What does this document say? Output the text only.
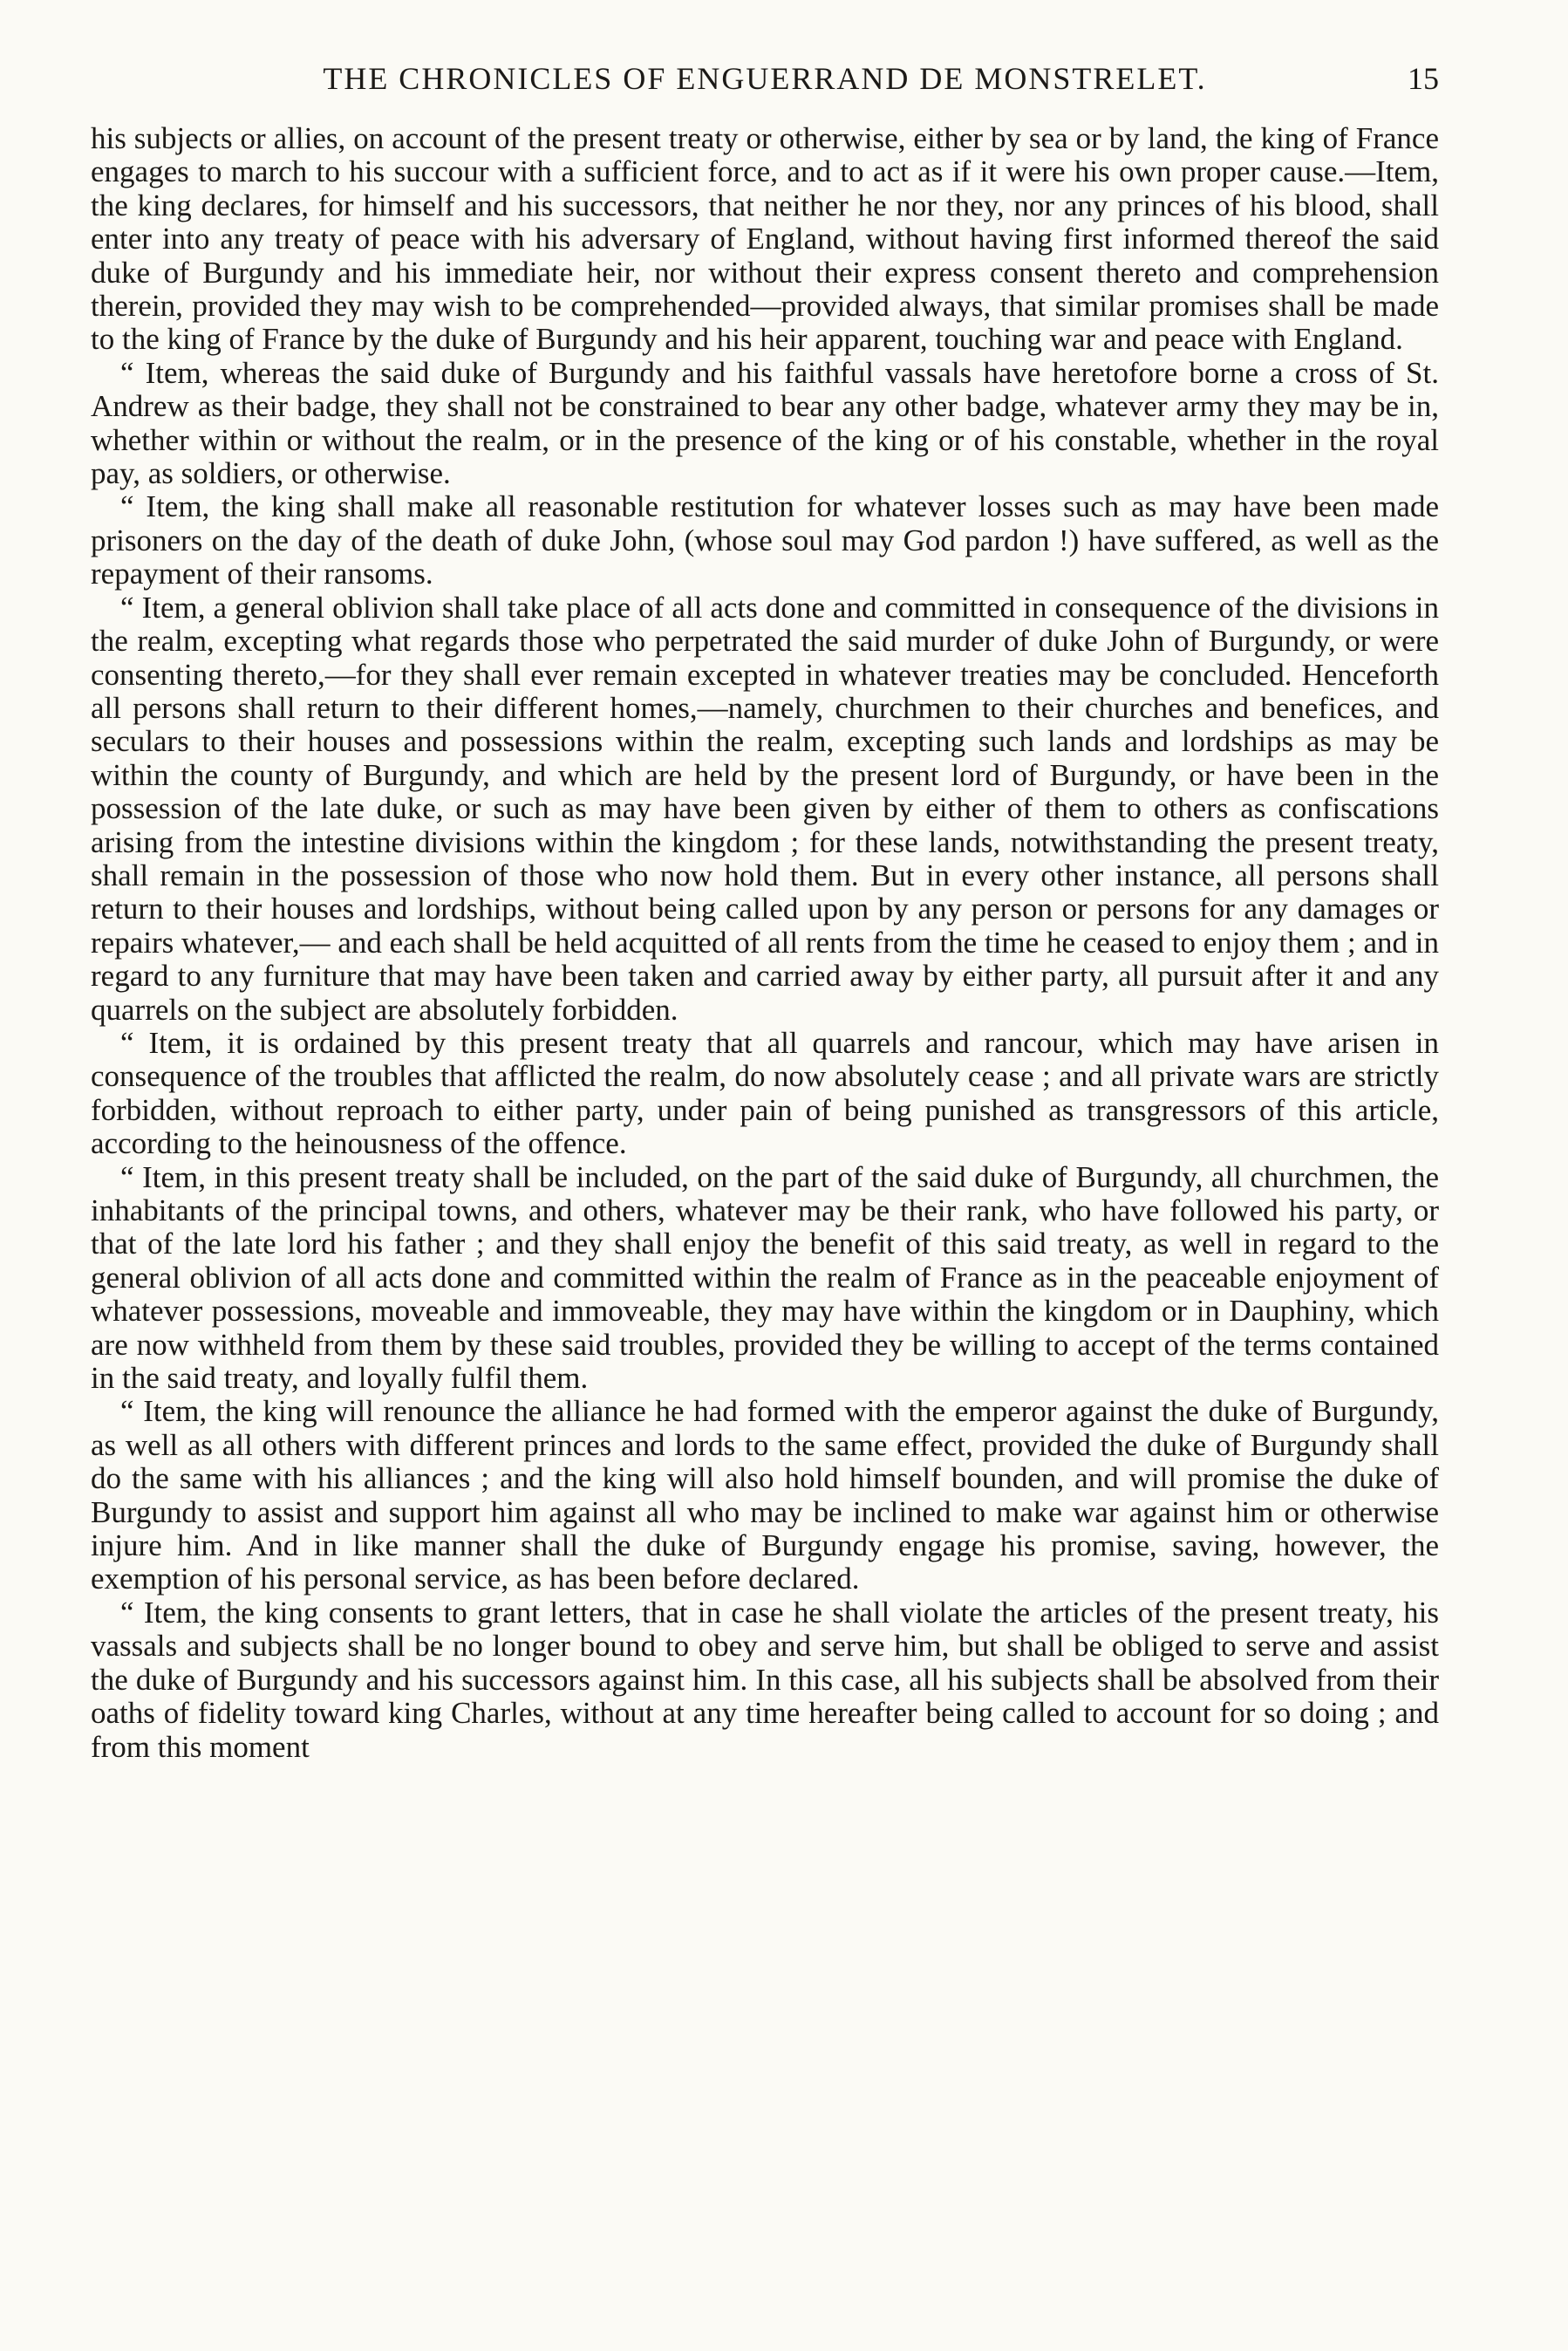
THE CHRONICLES OF ENGUERRAND DE MONSTRELET.	15

his subjects or allies, on account of the present treaty or otherwise, either by sea or by land, the king of France engages to march to his succour with a sufficient force, and to act as if it were his own proper cause.—Item, the king declares, for himself and his successors, that neither he nor they, nor any princes of his blood, shall enter into any treaty of peace with his adversary of England, without having first informed thereof the said duke of Burgundy and his immediate heir, nor without their express consent thereto and comprehension therein, provided they may wish to be comprehended—provided always, that similar promises shall be made to the king of France by the duke of Burgundy and his heir apparent, touching war and peace with England.

“ Item, whereas the said duke of Burgundy and his faithful vassals have heretofore borne a cross of St. Andrew as their badge, they shall not be constrained to bear any other badge, whatever army they may be in, whether within or without the realm, or in the presence of the king or of his constable, whether in the royal pay, as soldiers, or otherwise.

“ Item, the king shall make all reasonable restitution for whatever losses such as may have been made prisoners on the day of the death of duke John, (whose soul may God pardon !) have suffered, as well as the repayment of their ransoms.

“ Item, a general oblivion shall take place of all acts done and committed in consequence of the divisions in the realm, excepting what regards those who perpetrated the said murder of duke John of Burgundy, or were consenting thereto,—for they shall ever remain excepted in whatever treaties may be concluded. Henceforth all persons shall return to their different homes,—namely, churchmen to their churches and benefices, and seculars to their houses and possessions within the realm, excepting such lands and lordships as may be within the county of Burgundy, and which are held by the present lord of Burgundy, or have been in the possession of the late duke, or such as may have been given by either of them to others as confiscations arising from the intestine divisions within the kingdom ; for these lands, notwithstanding the present treaty, shall remain in the possession of those who now hold them. But in every other instance, all persons shall return to their houses and lordships, without being called upon by any person or persons for any damages or repairs whatever,— and each shall be held acquitted of all rents from the time he ceased to enjoy them ; and in regard to any furniture that may have been taken and carried away by either party, all pursuit after it and any quarrels on the subject are absolutely forbidden.

“ Item, it is ordained by this present treaty that all quarrels and rancour, which may have arisen in consequence of the troubles that afflicted the realm, do now absolutely cease ; and all private wars are strictly forbidden, without reproach to either party, under pain of being punished as transgressors of this article, according to the heinousness of the offence.

“ Item, in this present treaty shall be included, on the part of the said duke of Burgundy, all churchmen, the inhabitants of the principal towns, and others, whatever may be their rank, who have followed his party, or that of the late lord his father ; and they shall enjoy the benefit of this said treaty, as well in regard to the general oblivion of all acts done and committed within the realm of France as in the peaceable enjoyment of whatever possessions, moveable and immoveable, they may have within the kingdom or in Dauphiny, which are now withheld from them by these said troubles, provided they be willing to accept of the terms contained in the said treaty, and loyally fulfil them.

“ Item, the king will renounce the alliance he had formed with the emperor against the duke of Burgundy, as well as all others with different princes and lords to the same effect, provided the duke of Burgundy shall do the same with his alliances ; and the king will also hold himself bounden, and will promise the duke of Burgundy to assist and support him against all who may be inclined to make war against him or otherwise injure him. And in like manner shall the duke of Burgundy engage his promise, saving, however, the exemption of his personal service, as has been before declared.

“ Item, the king consents to grant letters, that in case he shall violate the articles of the present treaty, his vassals and subjects shall be no longer bound to obey and serve him, but shall be obliged to serve and assist the duke of Burgundy and his successors against him. In this case, all his subjects shall be absolved from their oaths of fidelity toward king Charles, without at any time hereafter being called to account for so doing ; and from this moment
